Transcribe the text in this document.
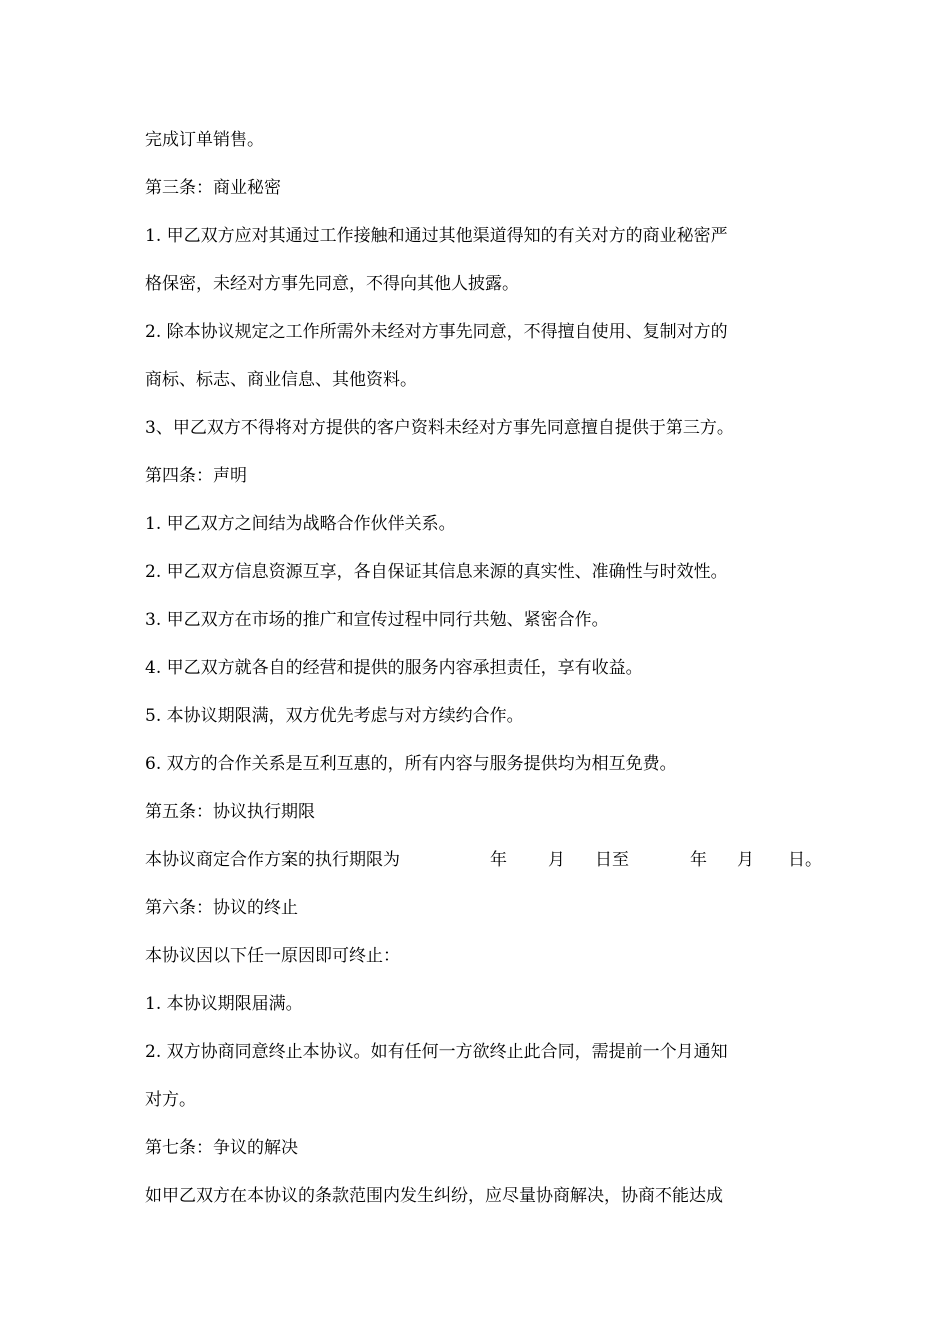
完成订单销售。
第三条：商业秘密
1. 甲乙双方应对其通过工作接触和通过其他渠道得知的有关对方的商业秘密严
格保密，未经对方事先同意，不得向其他人披露。
2. 除本协议规定之工作所需外未经对方事先同意，不得擅自使用、复制对方的
商标、标志、商业信息、其他资料。
3、甲乙双方不得将对方提供的客户资料未经对方事先同意擅自提供于第三方。
第四条：声明
1. 甲乙双方之间结为战略合作伙伴关系。
2. 甲乙双方信息资源互享，各自保证其信息来源的真实性、准确性与时效性。
3. 甲乙双方在市场的推广和宣传过程中同行共勉、紧密合作。
4. 甲乙双方就各自的经营和提供的服务内容承担责任，享有收益。
5. 本协议期限满，双方优先考虑与对方续约合作。
6. 双方的合作关系是互利互惠的，所有内容与服务提供均为相互免费。
第五条：协议执行期限
本协议商定合作方案的执行期限为	年 月 日至	年 月 日。
第六条：协议的终止
本协议因以下任一原因即可终止：
1. 本协议期限届满。
2. 双方协商同意终止本协议。如有任何一方欲终止此合同，需提前一个月通知
对方。
第七条：争议的解决
如甲乙双方在本协议的条款范围内发生纠纷，应尽量协商解决，协商不能达成
